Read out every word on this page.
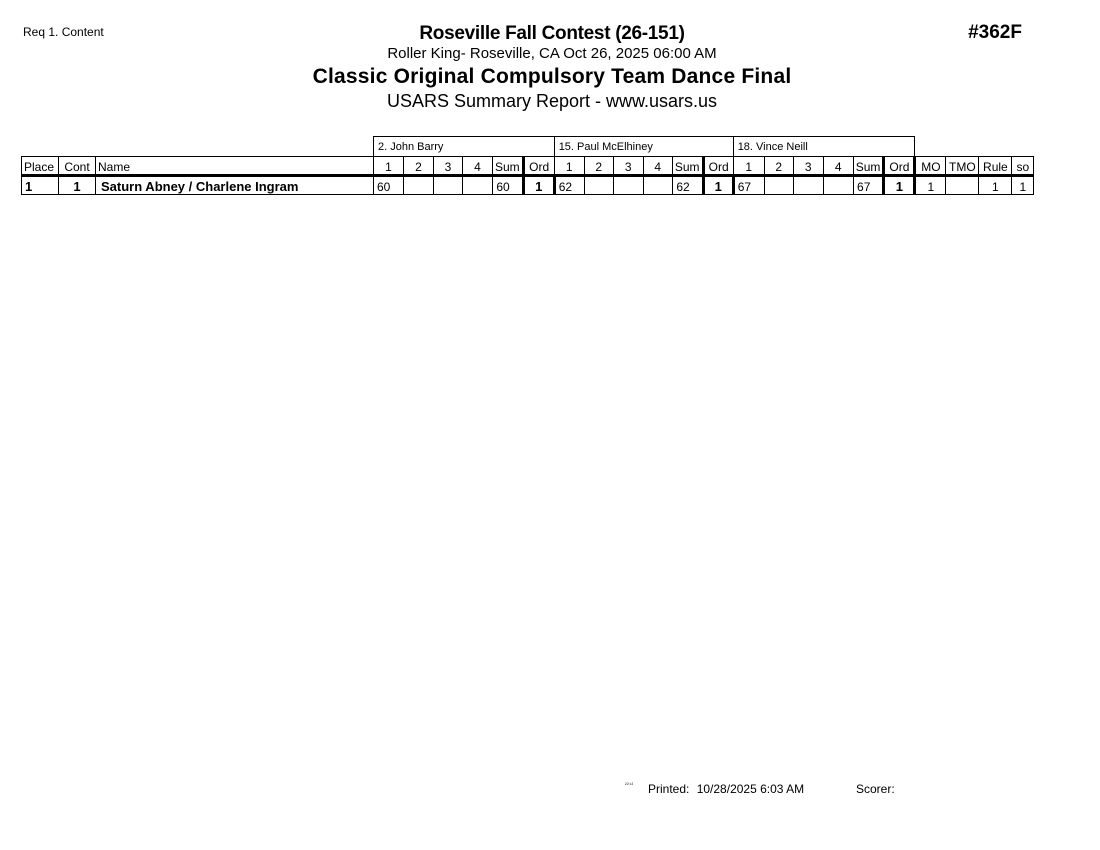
Req 1. Content	#362F
Roseville Fall Contest (26-151)
Roller King- Roseville, CA Oct 26, 2025 06:00 AM
Classic Original Compulsory Team Dance Final
USARS Summary Report - www.usars.us
			2. John Barry						15. Paul McElhiney						18. Vince Neill									
Place	Cont	Name	1	2	3	4	Sum	Ord	1	2	3	4	Sum	Ord	1	2	3	4	Sum	Ord	MO	TMO	Rule	so
1	1	Saturn Abney / Charlene Ingram	60				60	1	62				62	1	67				67	1	1		1	1
²²¹² Printed: 10/28/2025 6:03 AM	Scorer:
